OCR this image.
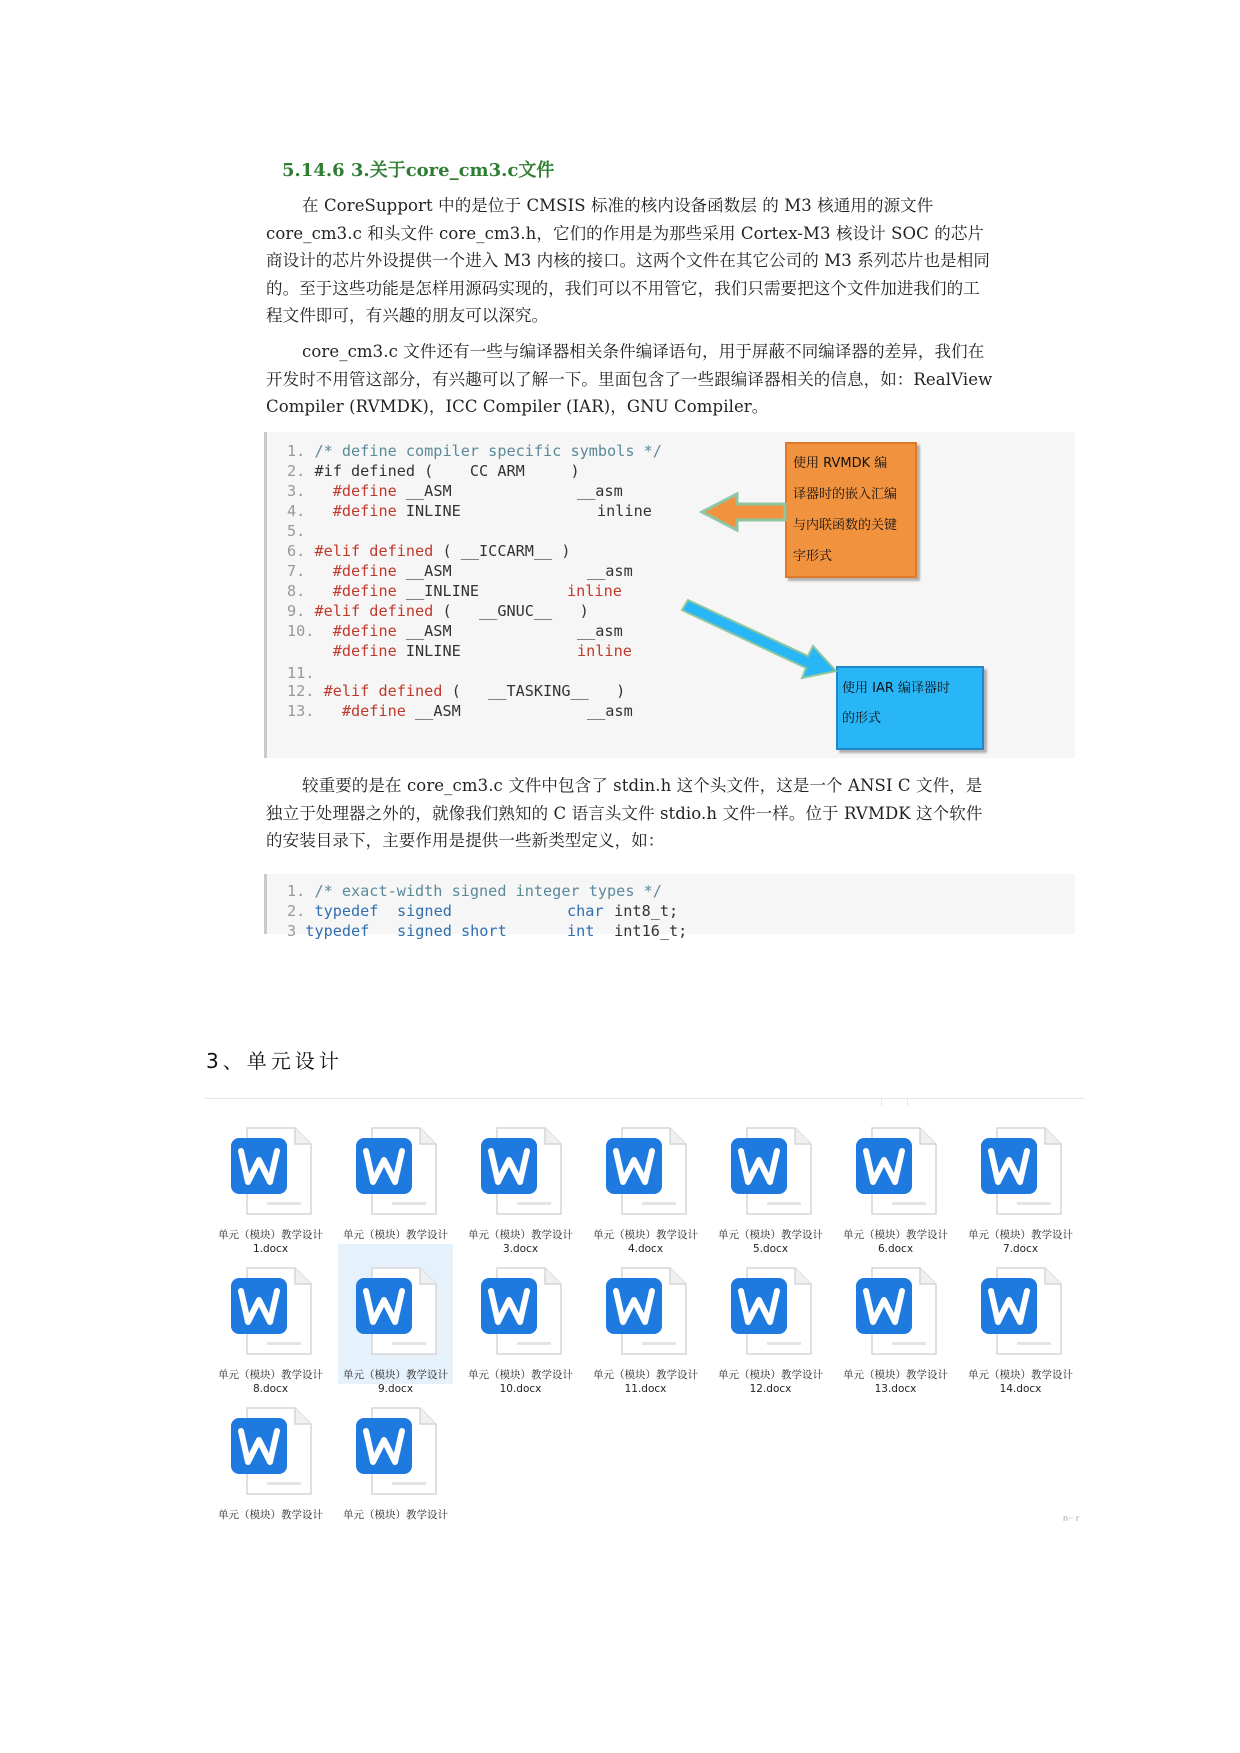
5.14.6 3.关于core_cm3.c文件

在 CoreSupport 中的是位于 CMSIS 标准的核内设备函数层 的 M3 核通用的源文件 core_cm3.c 和头文件 core_cm3.h，它们的作用是为那些采用 Cortex-M3 核设计 SOC 的芯片商设计的芯片外设提供一个进入 M3 内核的接口。这两个文件在其它公司的 M3 系列芯片也是相同的。至于这些功能是怎样用源码实现的，我们可以不用管它，我们只需要把这个文件加进我们的工程文件即可，有兴趣的朋友可以深究。

core_cm3.c 文件还有一些与编译器相关条件编译语句，用于屏蔽不同编译器的差异，我们在开发时不用管这部分，有兴趣可以了解一下。里面包含了一些跟编译器相关的信息，如：RealView Compiler (RVMDK)，ICC Compiler (IAR)，GNU Compiler。

1. /* define compiler specific symbols */
2. #if defined (    CC ARM     )
3.   #define __ASM	__asm
4.   #define INLINE	inline
5.
6. #elif defined ( __ICCARM__ )
7.   #define __ASM	__asm
8.   #define __INLINE	inline
9. #elif defined (   __GNUC__   )
10.  #define __ASM	__asm
#define INLINE	inline
11.
12. #elif defined (   __TASKING__   )
13.   #define __ASM	__asm
使用 RVMDK 编
译器时的嵌入汇编
与内联函数的关键
字形式
使用 IAR 编译器时
的形式

较重要的是在 core_cm3.c 文件中包含了 stdin.h 这个头文件，这是一个 ANSI C 文件，是独立于处理器之外的，就像我们熟知的 C 语言头文件 stdio.h 文件一样。位于 RVMDK 这个软件的安装目录下，主要作用是提供一些新类型定义，如：

1. /* exact-width signed integer types */
2. typedef signed	char int8_t;
3 typedef signed short	int int16_t;
3、单元设计
单元（模块）教学设计
1.docx
单元（模块）教学设计	单元（模块）教学设计
3.docx
单元（模块）教学设计
4.docx
单元（模块）教学设计
5.docx
单元（模块）教学设计
6.docx
单元（模块）教学设计
7.docx
单元（模块）教学设计
8.docx
单元（模块）教学设计
9.docx
单元（模块）教学设计
10.docx
单元（模块）教学设计
11.docx
单元（模块）教学设计
12.docx
单元（模块）教学设计
13.docx
单元（模块）教学设计
14.docx
单元（模块）教学设计	单元（模块）教学设计	n·· r
